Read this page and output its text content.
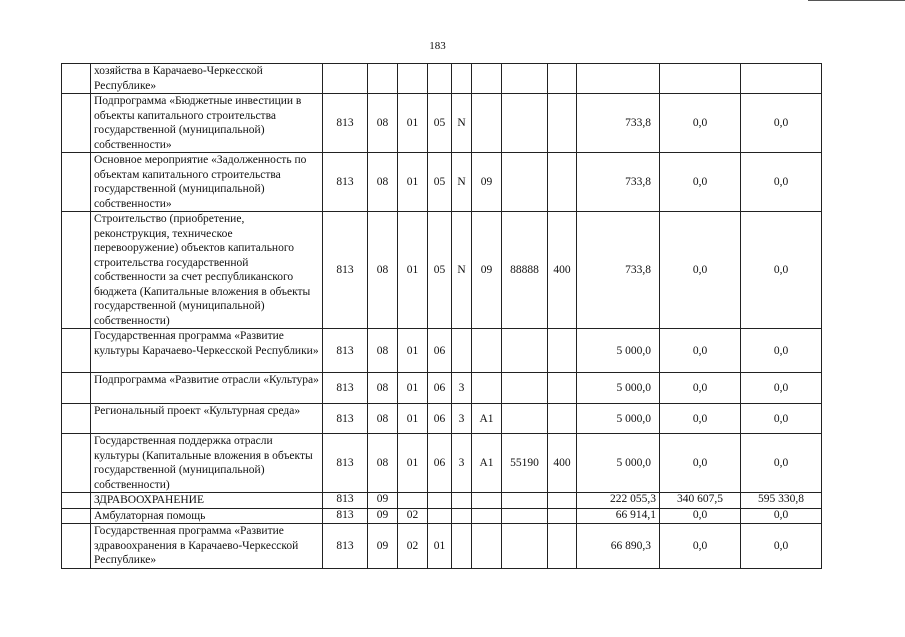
183
	хозяйства в Карачаево-Черкесской Республике»											
	Подпрограмма «Бюджетные инвестиции в объекты капитального строительства государственной (муниципальной) собственности»	813	08	01	05	N				733,8	0,0	0,0
	Основное мероприятие «Задолженность по объектам капитального строительства государственной (муниципальной) собственности»	813	08	01	05	N	09			733,8	0,0	0,0
	Строительство (приобретение, реконструкция, техническое перевооружение) объектов капитального строительства государственной собственности за счет республиканского бюджета (Капитальные вложения в объекты государственной (муниципальной) собственности)	813	08	01	05	N	09	88888	400	733,8	0,0	0,0
	Государственная программа «Развитие культуры Карачаево-Черкесской Республики»	813	08	01	06					5 000,0	0,0	0,0
	Подпрограмма «Развитие отрасли «Культура»	813	08	01	06	3				5 000,0	0,0	0,0
	Региональный проект «Культурная среда»	813	08	01	06	3	A1			5 000,0	0,0	0,0
	Государственная поддержка отрасли культуры (Капитальные вложения в объекты государственной (муниципальной) собственности)	813	08	01	06	3	A1	55190	400	5 000,0	0,0	0,0
	ЗДРАВООХРАНЕНИЕ	813	09							222 055,3	340 607,5	595 330,8
	Амбулаторная помощь	813	09	02						66 914,1	0,0	0,0
	Государственная программа «Развитие здравоохранения в Карачаево-Черкесской Республике»	813	09	02	01					66 890,3	0,0	0,0
